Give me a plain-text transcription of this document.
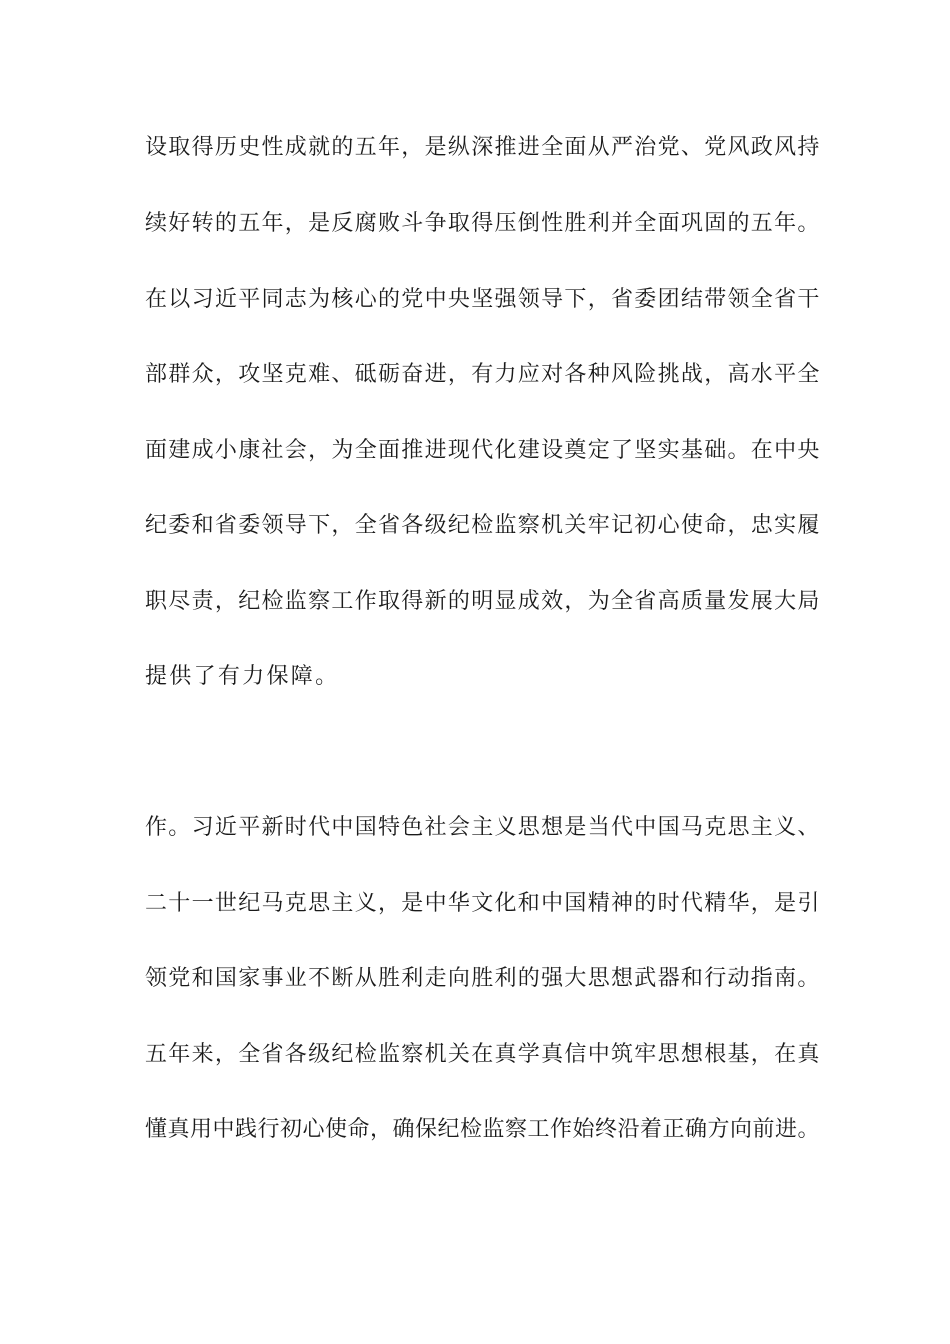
设取得历史性成就的五年，是纵深推进全面从严治党、党风政风持
续好转的五年，是反腐败斗争取得压倒性胜利并全面巩固的五年。
在以习近平同志为核心的党中央坚强领导下，省委团结带领全省干
部群众，攻坚克难、砥砺奋进，有力应对各种风险挑战，高水平全
面建成小康社会，为全面推进现代化建设奠定了坚实基础。在中央
纪委和省委领导下，全省各级纪检监察机关牢记初心使命，忠实履
职尽责，纪检监察工作取得新的明显成效，为全省高质量发展大局
提供了有力保障。
作。习近平新时代中国特色社会主义思想是当代中国马克思主义、
二十一世纪马克思主义，是中华文化和中国精神的时代精华，是引
领党和国家事业不断从胜利走向胜利的强大思想武器和行动指南。
五年来，全省各级纪检监察机关在真学真信中筑牢思想根基，在真
懂真用中践行初心使命，确保纪检监察工作始终沿着正确方向前进。
